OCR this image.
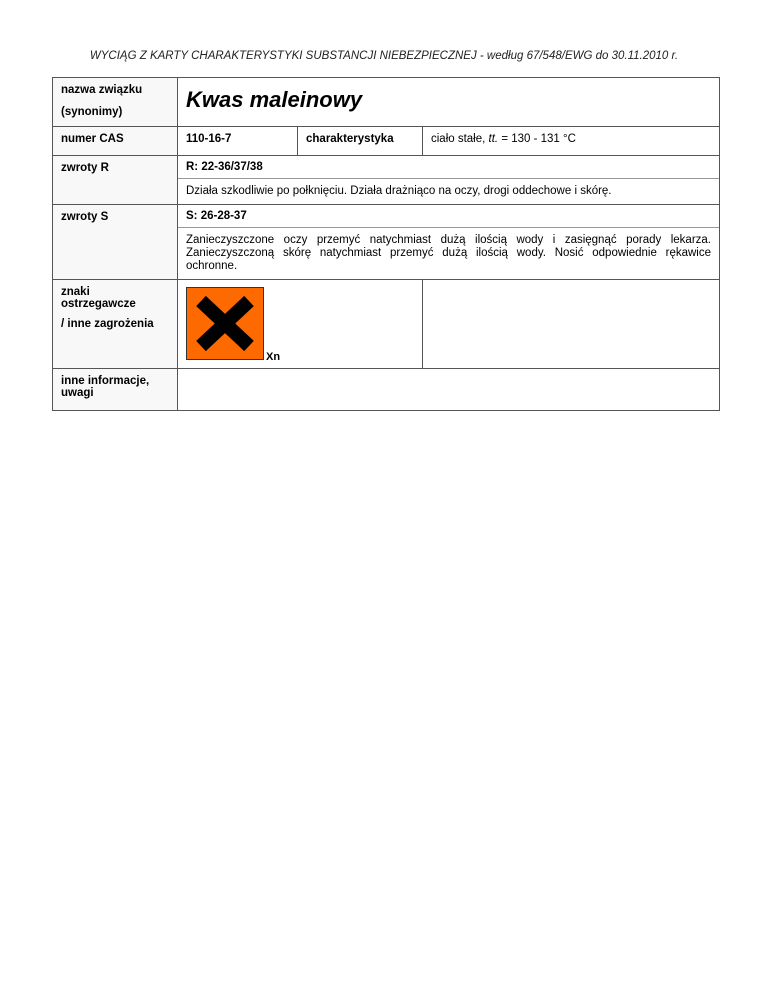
WYCIĄG Z KARTY CHARAKTERYSTYKI SUBSTANCJI NIEBEZPIECZNEJ - według 67/548/EWG do 30.11.2010 r.
nazwa związku
(synonimy)	Kwas maleinowy		
numer CAS	110-16-7	charakterystyka	ciało stałe, tt. = 130 - 131 °C
zwroty R	R: 22-36/37/38
Działa szkodliwie po połknięciu. Działa drażniąco na oczy, drogi oddechowe i skórę.		

zwroty S	S: 26-28-37
Zanieczyszczone oczy przemyć natychmiast dużą ilością wody i zasięgnąć porady lekarza. Zanieczyszczoną skórę natychmiast przemyć dużą ilością wody. Nosić odpowiednie rękawice ochronne.		

znaki
ostrzegawcze
/ inne zagrożenia	Xn		

inne informacje,
uwagi			
